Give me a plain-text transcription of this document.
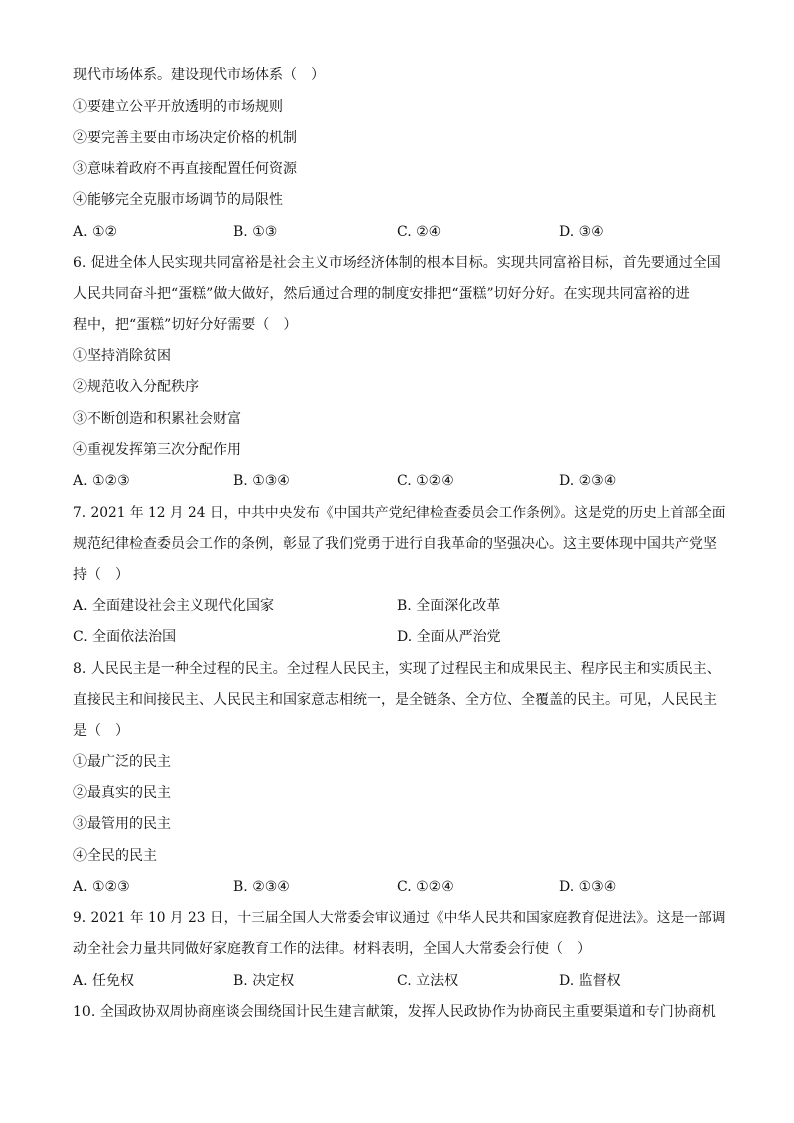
现代市场体系。建设现代市场体系（　）
①要建立公平开放透明的市场规则
②要完善主要由市场决定价格的机制
③意味着政府不再直接配置任何资源
④能够完全克服市场调节的局限性
A. ①②	B. ①③	C. ②④	D. ③④
6. 促进全体人民实现共同富裕是社会主义市场经济体制的根本目标。实现共同富裕目标，首先要通过全国
人民共同奋斗把“蛋糕”做大做好，然后通过合理的制度安排把“蛋糕”切好分好。在实现共同富裕的进
程中，把“蛋糕”切好分好需要（　）
①坚持消除贫困
②规范收入分配秩序
③不断创造和积累社会财富
④重视发挥第三次分配作用
A. ①②③	B. ①③④	C. ①②④	D. ②③④
7. 2021 年 12 月 24 日，中共中央发布《中国共产党纪律检查委员会工作条例》。这是党的历史上首部全面
规范纪律检查委员会工作的条例，彰显了我们党勇于进行自我革命的坚强决心。这主要体现中国共产党坚
持（　）
A. 全面建设社会主义现代化国家	B. 全面深化改革
C. 全面依法治国	D. 全面从严治党
8. 人民民主是一种全过程的民主。全过程人民民主，实现了过程民主和成果民主、程序民主和实质民主、
直接民主和间接民主、人民民主和国家意志相统一，是全链条、全方位、全覆盖的民主。可见，人民民主
是（　）
①最广泛的民主
②最真实的民主
③最管用的民主
④全民的民主
A. ①②③	B. ②③④	C. ①②④	D. ①③④
9. 2021 年 10 月 23 日，十三届全国人大常委会审议通过《中华人民共和国家庭教育促进法》。这是一部调
动全社会力量共同做好家庭教育工作的法律。材料表明，全国人大常委会行使（　）
A. 任免权	B. 决定权	C. 立法权	D. 监督权
10. 全国政协双周协商座谈会围绕国计民生建言献策，发挥人民政协作为协商民主重要渠道和专门协商机
